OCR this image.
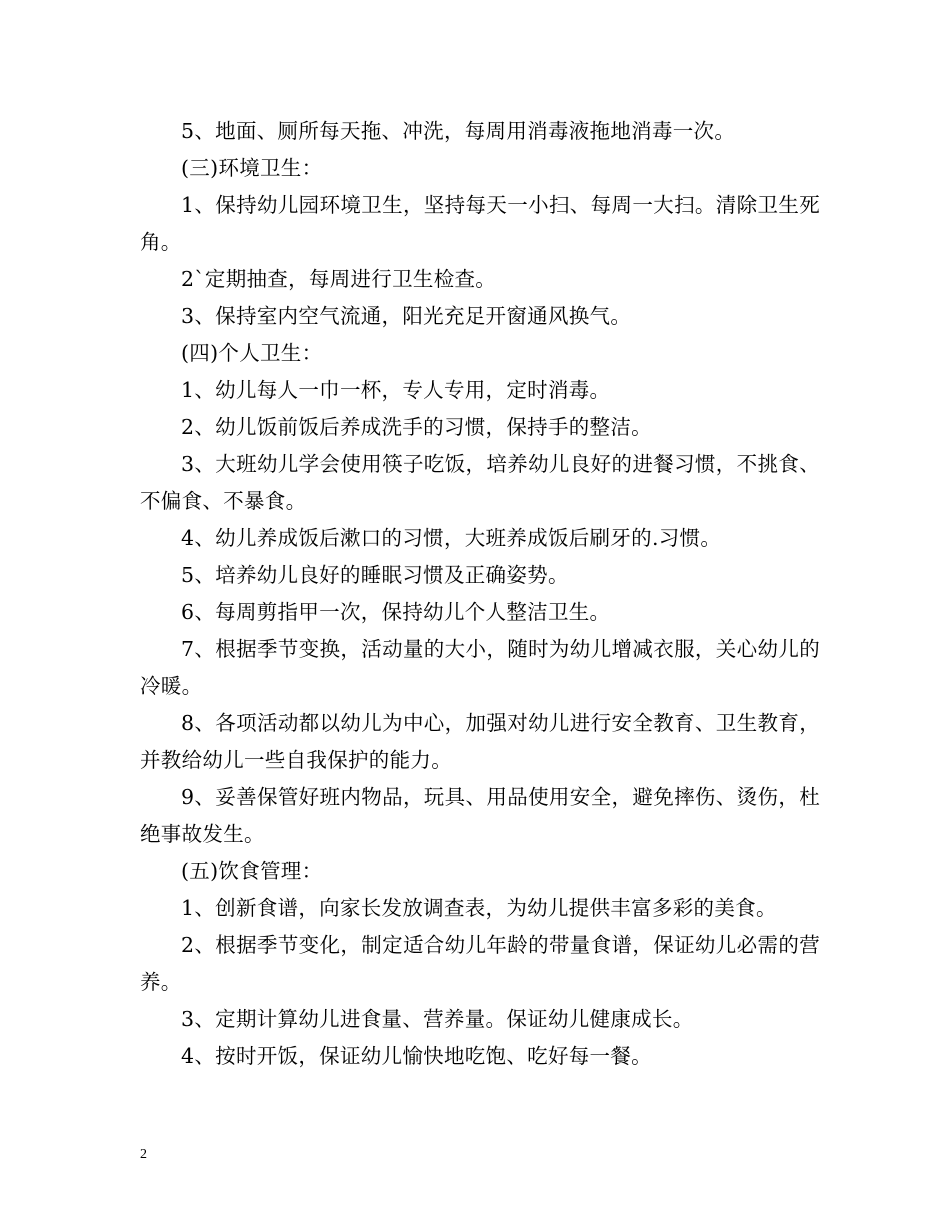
5、地面、厕所每天拖、冲洗，每周用消毒液拖地消毒一次。

(三)环境卫生：

1、保持幼儿园环境卫生，坚持每天一小扫、每周一大扫。清除卫生死角。

2`定期抽查，每周进行卫生检查。

3、保持室内空气流通，阳光充足开窗通风换气。

(四)个人卫生：

1、幼儿每人一巾一杯，专人专用，定时消毒。

2、幼儿饭前饭后养成洗手的习惯，保持手的整洁。

3、大班幼儿学会使用筷子吃饭，培养幼儿良好的进餐习惯，不挑食、不偏食、不暴食。

4、幼儿养成饭后漱口的习惯，大班养成饭后刷牙的.习惯。

5、培养幼儿良好的睡眠习惯及正确姿势。

6、每周剪指甲一次，保持幼儿个人整洁卫生。

7、根据季节变换，活动量的大小，随时为幼儿增减衣服，关心幼儿的冷暖。

8、各项活动都以幼儿为中心，加强对幼儿进行安全教育、卫生教育，并教给幼儿一些自我保护的能力。

9、妥善保管好班内物品，玩具、用品使用安全，避免摔伤、烫伤，杜绝事故发生。

(五)饮食管理：

1、创新食谱，向家长发放调查表，为幼儿提供丰富多彩的美食。

2、根据季节变化，制定适合幼儿年龄的带量食谱，保证幼儿必需的营养。

3、定期计算幼儿进食量、营养量。保证幼儿健康成长。

4、按时开饭，保证幼儿愉快地吃饱、吃好每一餐。

2
